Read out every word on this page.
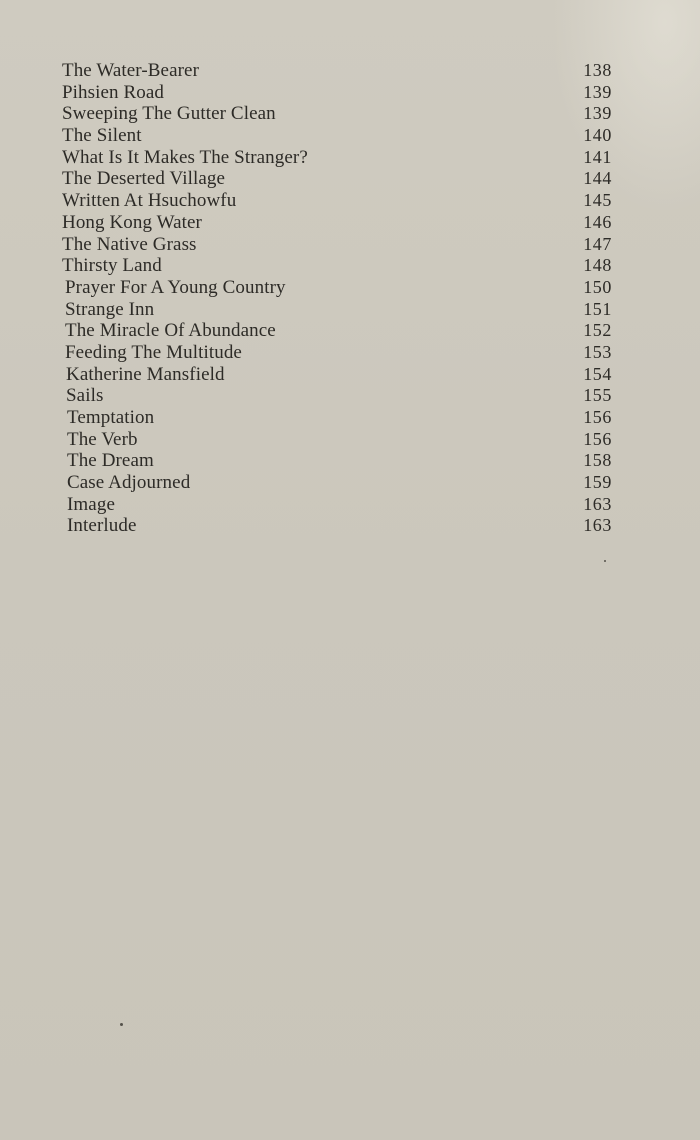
The Water-Bearer	138
Pihsien Road	139
Sweeping The Gutter Clean	139
The Silent	140
What Is It Makes The Stranger?	141
The Deserted Village	144
Written At Hsuchowfu	145
Hong Kong Water	146
The Native Grass	147
Thirsty Land	148
Prayer For A Young Country	150
Strange Inn	151
The Miracle Of Abundance	152
Feeding The Multitude	153
Katherine Mansfield	154
Sails	155
Temptation	156
The Verb	156
The Dream	158
Case Adjourned	159
Image	163
Interlude	163
